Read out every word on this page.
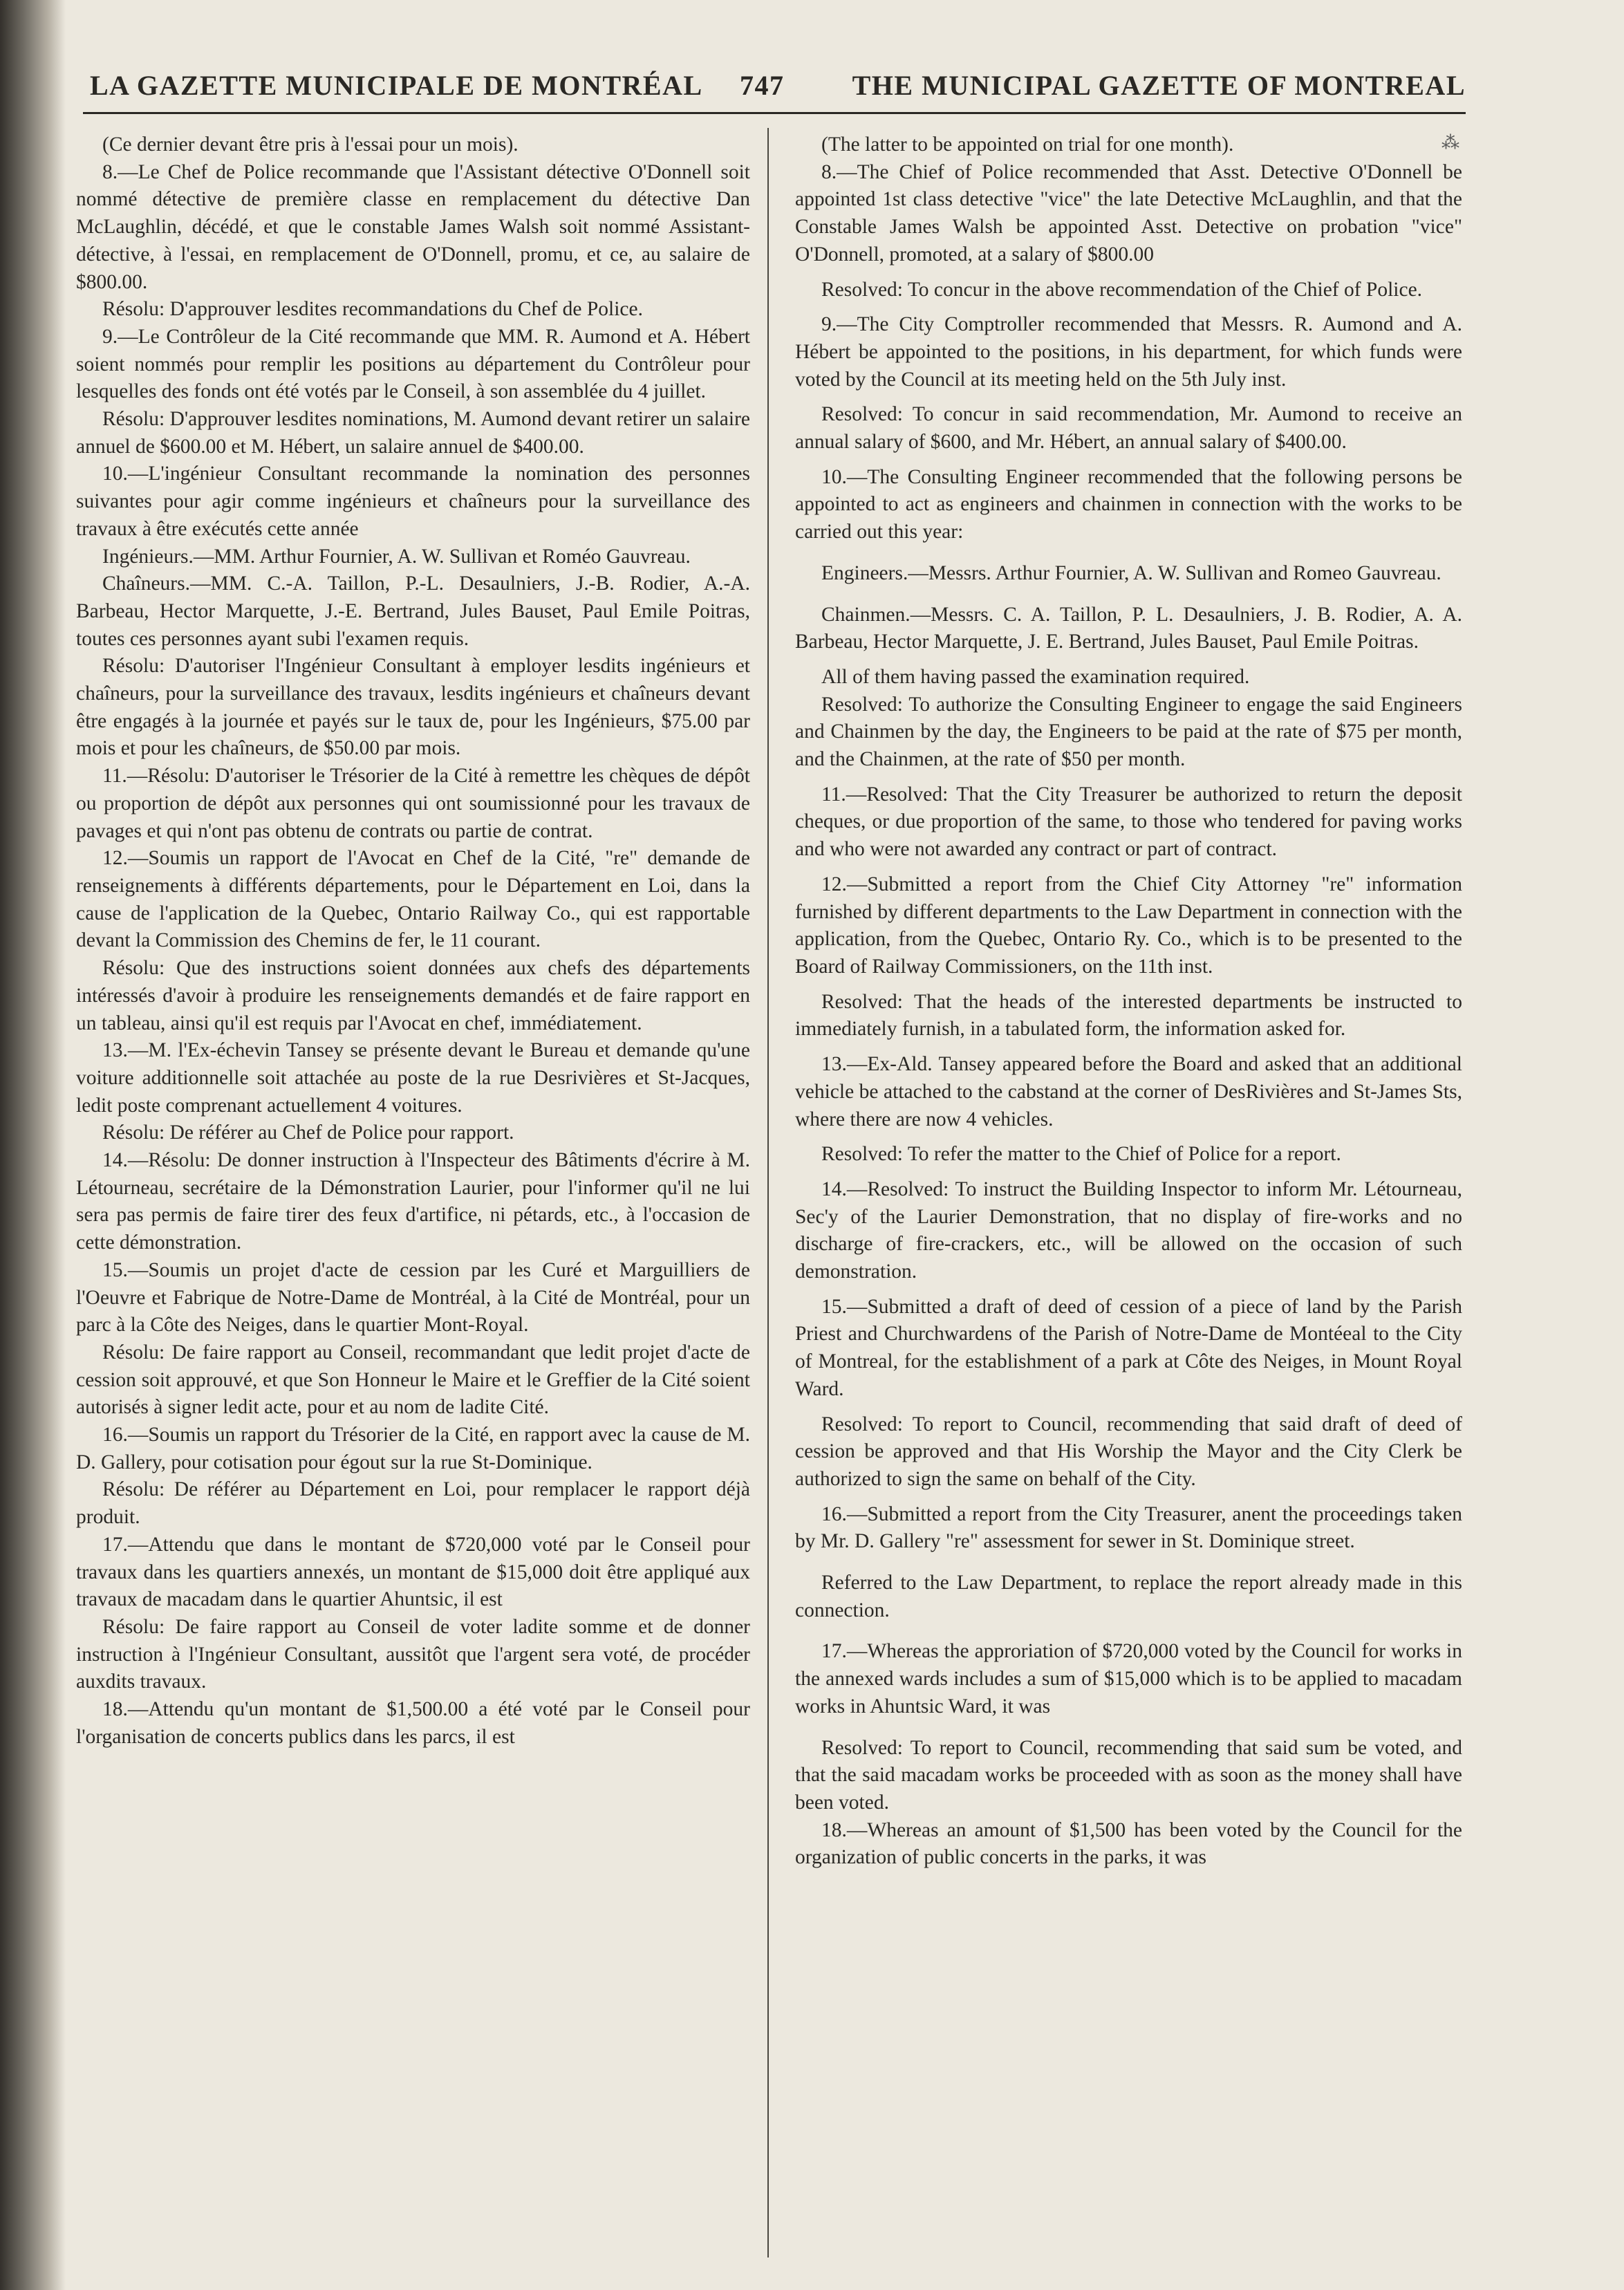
LA GAZETTE MUNICIPALE DE MONTRÉAL 747 THE MUNICIPAL GAZETTE OF MONTREAL

(Ce dernier devant être pris à l'essai pour un mois).

8.—Le Chef de Police recommande que l'Assistant détective O'Donnell soit nommé détective de première classe en remplacement du détective Dan McLaughlin, décédé, et que le constable James Walsh soit nommé Assistant-détective, à l'essai, en remplacement de O'Donnell, promu, et ce, au salaire de $800.00.

Résolu: D'approuver lesdites recommandations du Chef de Police.

9.—Le Contrôleur de la Cité recommande que MM. R. Aumond et A. Hébert soient nommés pour remplir les positions au département du Contrôleur pour lesquelles des fonds ont été votés par le Conseil, à son assemblée du 4 juillet.

Résolu: D'approuver lesdites nominations, M. Aumond devant retirer un salaire annuel de $600.00 et M. Hébert, un salaire annuel de $400.00.

10.—L'ingénieur Consultant recommande la nomination des personnes suivantes pour agir comme ingénieurs et chaîneurs pour la surveillance des travaux à être exécutés cette année

Ingénieurs.—MM. Arthur Fournier, A. W. Sullivan et Roméo Gauvreau.

Chaîneurs.—MM. C.-A. Taillon, P.-L. Desaulniers, J.-B. Rodier, A.-A. Barbeau, Hector Marquette, J.-E. Bertrand, Jules Bauset, Paul Emile Poitras, toutes ces personnes ayant subi l'examen requis.

Résolu: D'autoriser l'Ingénieur Consultant à employer lesdits ingénieurs et chaîneurs, pour la surveillance des travaux, lesdits ingénieurs et chaîneurs devant être engagés à la journée et payés sur le taux de, pour les Ingénieurs, $75.00 par mois et pour les chaîneurs, de $50.00 par mois.

11.—Résolu: D'autoriser le Trésorier de la Cité à remettre les chèques de dépôt ou proportion de dépôt aux personnes qui ont soumissionné pour les travaux de pavages et qui n'ont pas obtenu de contrats ou partie de contrat.

12.—Soumis un rapport de l'Avocat en Chef de la Cité, "re" demande de renseignements à différents départements, pour le Département en Loi, dans la cause de l'application de la Quebec, Ontario Railway Co., qui est rapportable devant la Commission des Chemins de fer, le 11 courant.

Résolu: Que des instructions soient données aux chefs des départements intéressés d'avoir à produire les renseignements demandés et de faire rapport en un tableau, ainsi qu'il est requis par l'Avocat en chef, immédiatement.

13.—M. l'Ex-échevin Tansey se présente devant le Bureau et demande qu'une voiture additionnelle soit attachée au poste de la rue Desrivières et St-Jacques, ledit poste comprenant actuellement 4 voitures.

Résolu: De référer au Chef de Police pour rapport.

14.—Résolu: De donner instruction à l'Inspecteur des Bâtiments d'écrire à M. Létourneau, secrétaire de la Démonstration Laurier, pour l'informer qu'il ne lui sera pas permis de faire tirer des feux d'artifice, ni pétards, etc., à l'occasion de cette démonstration.

15.—Soumis un projet d'acte de cession par les Curé et Marguilliers de l'Oeuvre et Fabrique de Notre-Dame de Montréal, à la Cité de Montréal, pour un parc à la Côte des Neiges, dans le quartier Mont-Royal.

Résolu: De faire rapport au Conseil, recommandant que ledit projet d'acte de cession soit approuvé, et que Son Honneur le Maire et le Greffier de la Cité soient autorisés à signer ledit acte, pour et au nom de ladite Cité.

16.—Soumis un rapport du Trésorier de la Cité, en rapport avec la cause de M. D. Gallery, pour cotisation pour égout sur la rue St-Dominique.

Résolu: De référer au Département en Loi, pour remplacer le rapport déjà produit.

17.—Attendu que dans le montant de $720,000 voté par le Conseil pour travaux dans les quartiers annexés, un montant de $15,000 doit être appliqué aux travaux de macadam dans le quartier Ahuntsic, il est

Résolu: De faire rapport au Conseil de voter ladite somme et de donner instruction à l'Ingénieur Consultant, aussitôt que l'argent sera voté, de procéder auxdits travaux.

18.—Attendu qu'un montant de $1,500.00 a été voté par le Conseil pour l'organisation de concerts publics dans les parcs, il est

(The latter to be appointed on trial for one month).

8.—The Chief of Police recommended that Asst. Detective O'Donnell be appointed 1st class detective "vice" the late Detective McLaughlin, and that the Constable James Walsh be appointed Asst. Detective on probation "vice" O'Donnell, promoted, at a salary of $800.00

Resolved: To concur in the above recommendation of the Chief of Police.

9.—The City Comptroller recommended that Messrs. R. Aumond and A. Hébert be appointed to the positions, in his department, for which funds were voted by the Council at its meeting held on the 5th July inst.

Resolved: To concur in said recommendation, Mr. Aumond to receive an annual salary of $600, and Mr. Hébert, an annual salary of $400.00.

10.—The Consulting Engineer recommended that the following persons be appointed to act as engineers and chainmen in connection with the works to be carried out this year:

Engineers.—Messrs. Arthur Fournier, A. W. Sullivan and Romeo Gauvreau.

Chainmen.—Messrs. C. A. Taillon, P. L. Desaulniers, J. B. Rodier, A. A. Barbeau, Hector Marquette, J. E. Bertrand, Jules Bauset, Paul Emile Poitras.

All of them having passed the examination required.

Resolved: To authorize the Consulting Engineer to engage the said Engineers and Chainmen by the day, the Engineers to be paid at the rate of $75 per month, and the Chainmen, at the rate of $50 per month.

11.—Resolved: That the City Treasurer be authorized to return the deposit cheques, or due proportion of the same, to those who tendered for paving works and who were not awarded any contract or part of contract.

12.—Submitted a report from the Chief City Attorney "re" information furnished by different departments to the Law Department in connection with the application, from the Quebec, Ontario Ry. Co., which is to be presented to the Board of Railway Commissioners, on the 11th inst.

Resolved: That the heads of the interested departments be instructed to immediately furnish, in a tabulated form, the information asked for.

13.—Ex-Ald. Tansey appeared before the Board and asked that an additional vehicle be attached to the cabstand at the corner of DesRivières and St-James Sts, where there are now 4 vehicles.

Resolved: To refer the matter to the Chief of Police for a report.

14.—Resolved: To instruct the Building Inspector to inform Mr. Létourneau, Sec'y of the Laurier Demonstration, that no display of fire-works and no discharge of fire-crackers, etc., will be allowed on the occasion of such demonstration.

15.—Submitted a draft of deed of cession of a piece of land by the Parish Priest and Churchwardens of the Parish of Notre-Dame de Montéeal to the City of Montreal, for the establishment of a park at Côte des Neiges, in Mount Royal Ward.

Resolved: To report to Council, recommending that said draft of deed of cession be approved and that His Worship the Mayor and the City Clerk be authorized to sign the same on behalf of the City.

16.—Submitted a report from the City Treasurer, anent the proceedings taken by Mr. D. Gallery "re" assessment for sewer in St. Dominique street.

Referred to the Law Department, to replace the report already made in this connection.

17.—Whereas the approriation of $720,000 voted by the Council for works in the annexed wards includes a sum of $15,000 which is to be applied to macadam works in Ahuntsic Ward, it was

Resolved: To report to Council, recommending that said sum be voted, and that the said macadam works be proceeded with as soon as the money shall have been voted.

18.—Whereas an amount of $1,500 has been voted by the Council for the organization of public concerts in the parks, it was

⁂
